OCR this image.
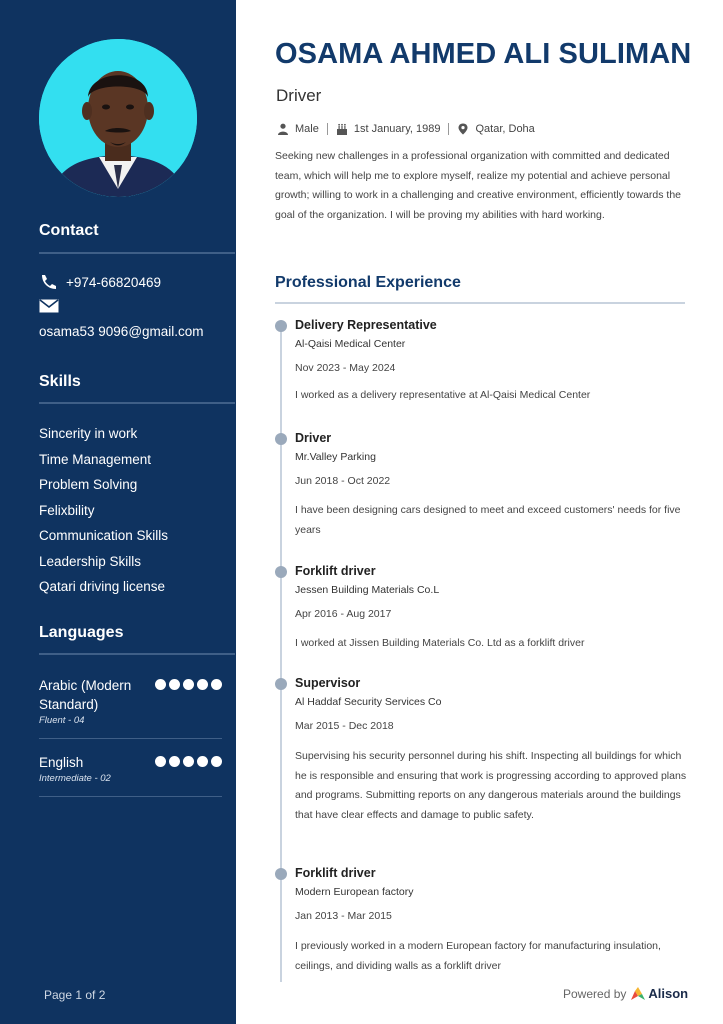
Contact
+974-66820469
osama53 9096@gmail.com
Skills
Sincerity in work
Time Management
Problem Solving
Felixbility
Communication Skills
Leadership Skills
Qatari driving license
Languages
Arabic (Modern Standard)
Fluent - 04
English
Intermediate - 02
Page 1 of 2
OSAMA AHMED ALI SULIMAN
Driver
Male	1st January, 1989	Qatar, Doha
Seeking new challenges in a professional organization with committed and dedicated team, which will help me to explore myself, realize my potential and achieve personal growth; willing to work in a challenging and creative environment, efficiently towards the goal of the organization. I will be proving my abilities with hard working.
Professional Experience
Delivery Representative
Al-Qaisi Medical Center
Nov 2023 - May 2024
I worked as a delivery representative at Al-Qaisi Medical Center
Driver
Mr.Valley Parking
Jun 2018 - Oct 2022
I have been designing cars designed to meet and exceed customers' needs for five years
Forklift driver
Jessen Building Materials Co.L
Apr 2016 - Aug 2017
I worked at Jissen Building Materials Co. Ltd as a forklift driver
Supervisor
Al Haddaf Security Services Co
Mar 2015 - Dec 2018
Supervising his security personnel during his shift. Inspecting all buildings for which he is responsible and ensuring that work is progressing according to approved plans and programs. Submitting reports on any dangerous materials around the buildings that have clear effects and damage to public safety.
Forklift driver
Modern European factory
Jan 2013 - Mar 2015
I previously worked in a modern European factory for manufacturing insulation, ceilings, and dividing walls as a forklift driver
Powered by Alison
